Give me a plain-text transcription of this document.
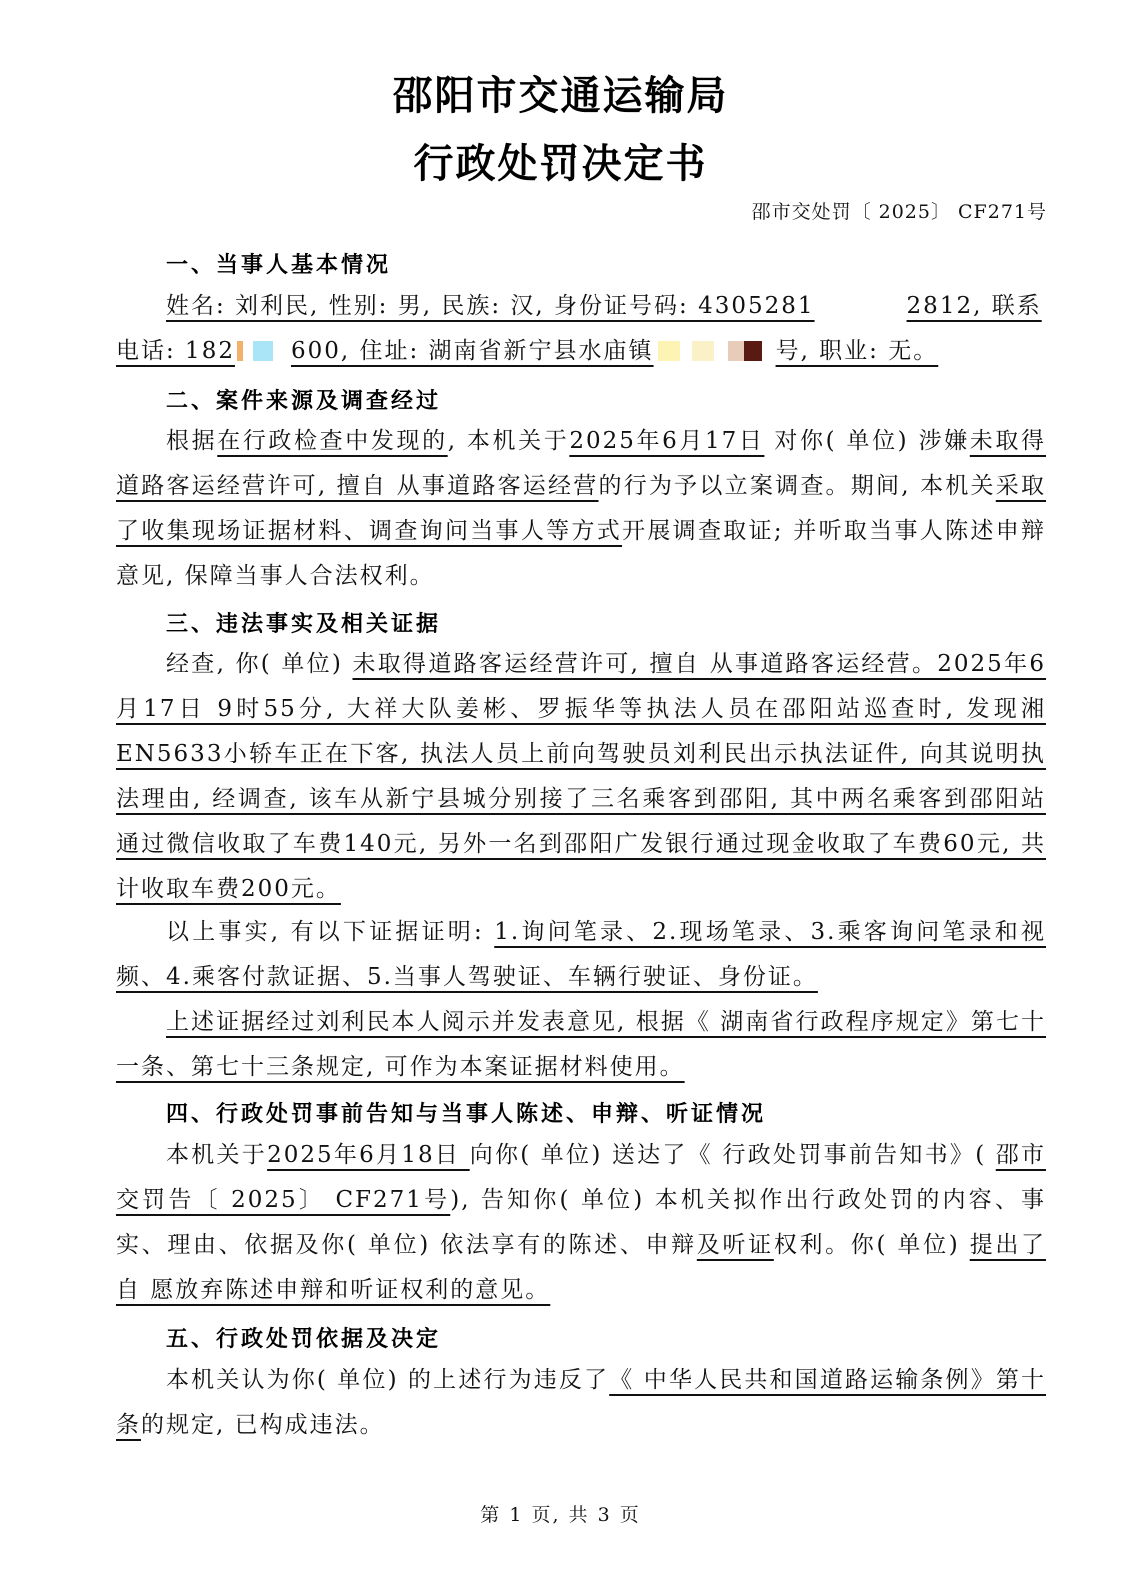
邵阳市交通运输局
行政处罚决定书
邵市交处罚〔 2025〕 CF271号
一、当事人基本情况
姓名: 刘利民, 性别: 男, 民族: 汉, 身份证号码: 4305281	2812, 联系
电话: 182 600, 住址: 湖南省新宁县水庙镇	号, 职业: 无。
二、案件来源及调查经过
根据在行政检查中发现的, 本机关于2025年6月17日 对你( 单位) 涉嫌未取得道路客运经营许可, 擅自 从事道路客运经营的行为予以立案调查。期间, 本机关采取了收集现场证据材料、调查询问当事人等方式开展调查取证; 并听取当事人陈述申辩意见, 保障当事人合法权利。
三、违法事实及相关证据
经查, 你( 单位) 未取得道路客运经营许可, 擅自 从事道路客运经营。2025年6月17日 9时55分, 大祥大队姜彬、罗振华等执法人员在邵阳站巡查时, 发现湘EN5633小轿车正在下客, 执法人员上前向驾驶员刘利民出示执法证件, 向其说明执法理由, 经调查, 该车从新宁县城分别接了三名乘客到邵阳, 其中两名乘客到邵阳站通过微信收取了车费140元, 另外一名到邵阳广发银行通过现金收取了车费60元, 共计收取车费200元。
以上事实, 有以下证据证明: 1.询问笔录、2.现场笔录、3.乘客询问笔录和视频、4.乘客付款证据、5.当事人驾驶证、车辆行驶证、身份证。
上述证据经过刘利民本人阅示并发表意见, 根据《 湖南省行政程序规定》第七十一条、第七十三条规定, 可作为本案证据材料使用。
四、行政处罚事前告知与当事人陈述、申辩、听证情况
本机关于2025年6月18日 向你( 单位) 送达了《 行政处罚事前告知书》( 邵市交罚告〔 2025〕 CF271号), 告知你( 单位) 本机关拟作出行政处罚的内容、事实、理由、依据及你( 单位) 依法享有的陈述、申辩及听证权利。你( 单位) 提出了自 愿放弃陈述申辩和听证权利的意见。
五、行政处罚依据及决定
本机关认为你( 单位) 的上述行为违反了《 中华人民共和国道路运输条例》第十条的规定, 已构成违法。
第 1 页, 共 3 页
